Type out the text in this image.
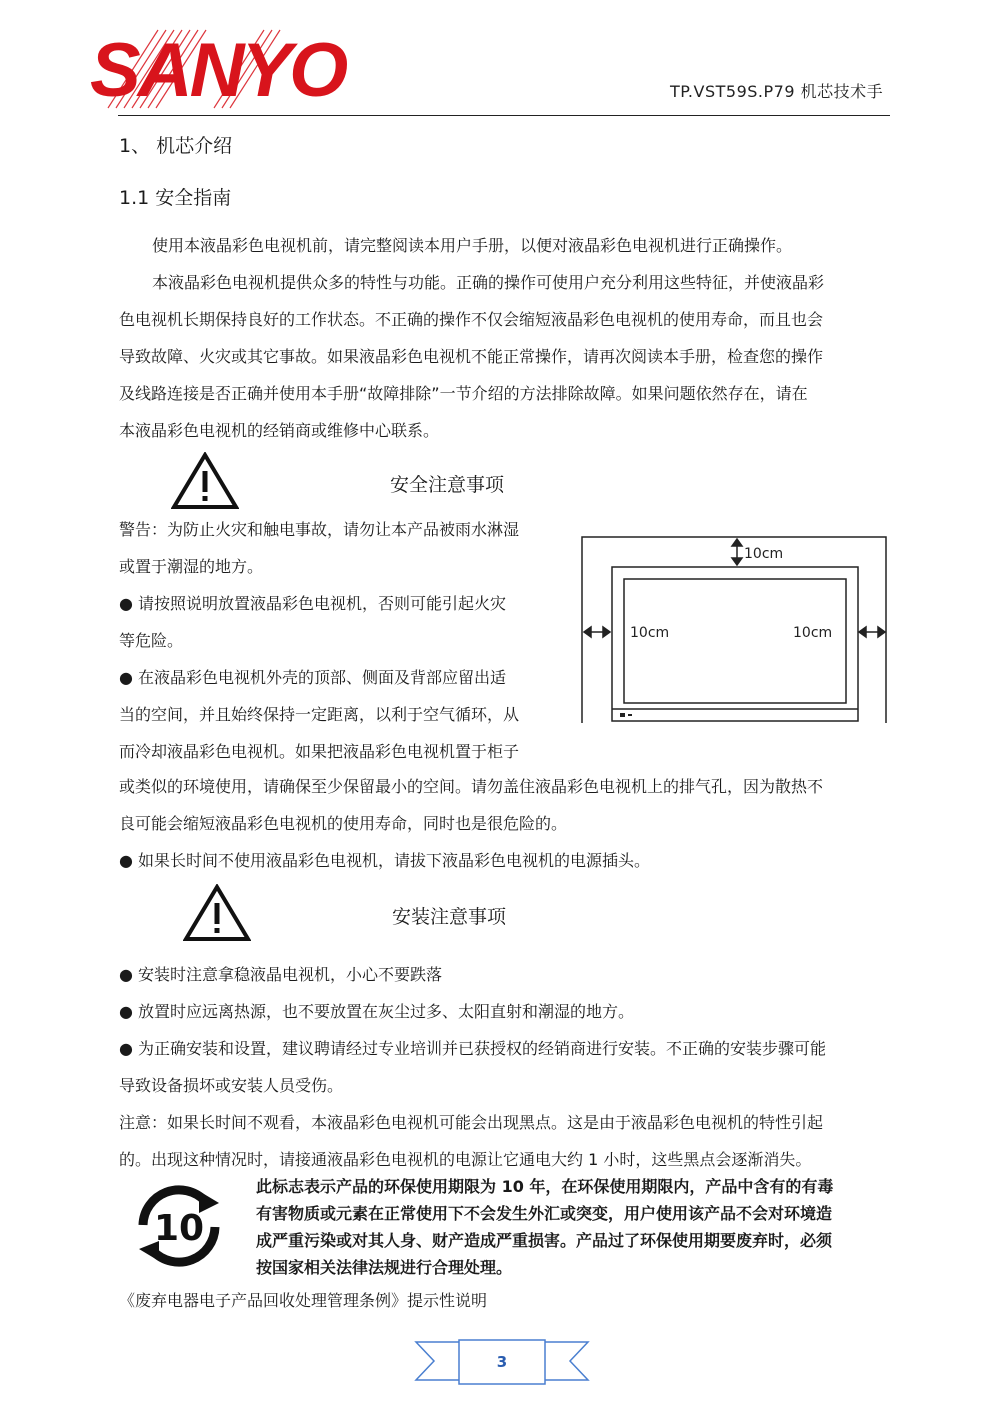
SANYO	TP.VST59S.P79 机芯技术手
1、 机芯介绍
1.1 安全指南
使用本液晶彩色电视机前，请完整阅读本用户手册，以便对液晶彩色电视机进行正确操作。
本液晶彩色电视机提供众多的特性与功能。正确的操作可使用户充分利用这些特征，并使液晶彩
色电视机长期保持良好的工作状态。不正确的操作不仅会缩短液晶彩色电视机的使用寿命，而且也会
导致故障、火灾或其它事故。如果液晶彩色电视机不能正常操作，请再次阅读本手册，检查您的操作
及线路连接是否正确并使用本手册“故障排除”一节介绍的方法排除故障。如果问题依然存在，请在
本液晶彩色电视机的经销商或维修中心联系。
安全注意事项
警告：为防止火灾和触电事故，请勿让本产品被雨水淋湿
或置于潮湿的地方。
● 请按照说明放置液晶彩色电视机，否则可能引起火灾
等危险。
● 在液晶彩色电视机外壳的顶部、侧面及背部应留出适
当的空间，并且始终保持一定距离，以利于空气循环，从
而冷却液晶彩色电视机。如果把液晶彩色电视机置于柜子
10cm
10cm	10cm
或类似的环境使用，请确保至少保留最小的空间。请勿盖住液晶彩色电视机上的排气孔，因为散热不
良可能会缩短液晶彩色电视机的使用寿命，同时也是很危险的。
● 如果长时间不使用液晶彩色电视机，请拔下液晶彩色电视机的电源插头。
安装注意事项
● 安装时注意拿稳液晶电视机，小心不要跌落
● 放置时应远离热源，也不要放置在灰尘过多、太阳直射和潮湿的地方。
● 为正确安装和设置，建议聘请经过专业培训并已获授权的经销商进行安装。不正确的安装步骤可能
导致设备损坏或安装人员受伤。
注意：如果长时间不观看，本液晶彩色电视机可能会出现黑点。这是由于液晶彩色电视机的特性引起
的。出现这种情况时，请接通液晶彩色电视机的电源让它通电大约 1 小时，这些黑点会逐渐消失。
10
此标志表示产品的环保使用期限为 10 年，在环保使用期限内，产品中含有的有毒
有害物质或元素在正常使用下不会发生外汇或突变，用户使用该产品不会对环境造
成严重污染或对其人身、财产造成严重损害。产品过了环保使用期要废弃时，必须
按国家相关法律法规进行合理处理。
《废弃电器电子产品回收处理管理条例》提示性说明
3
